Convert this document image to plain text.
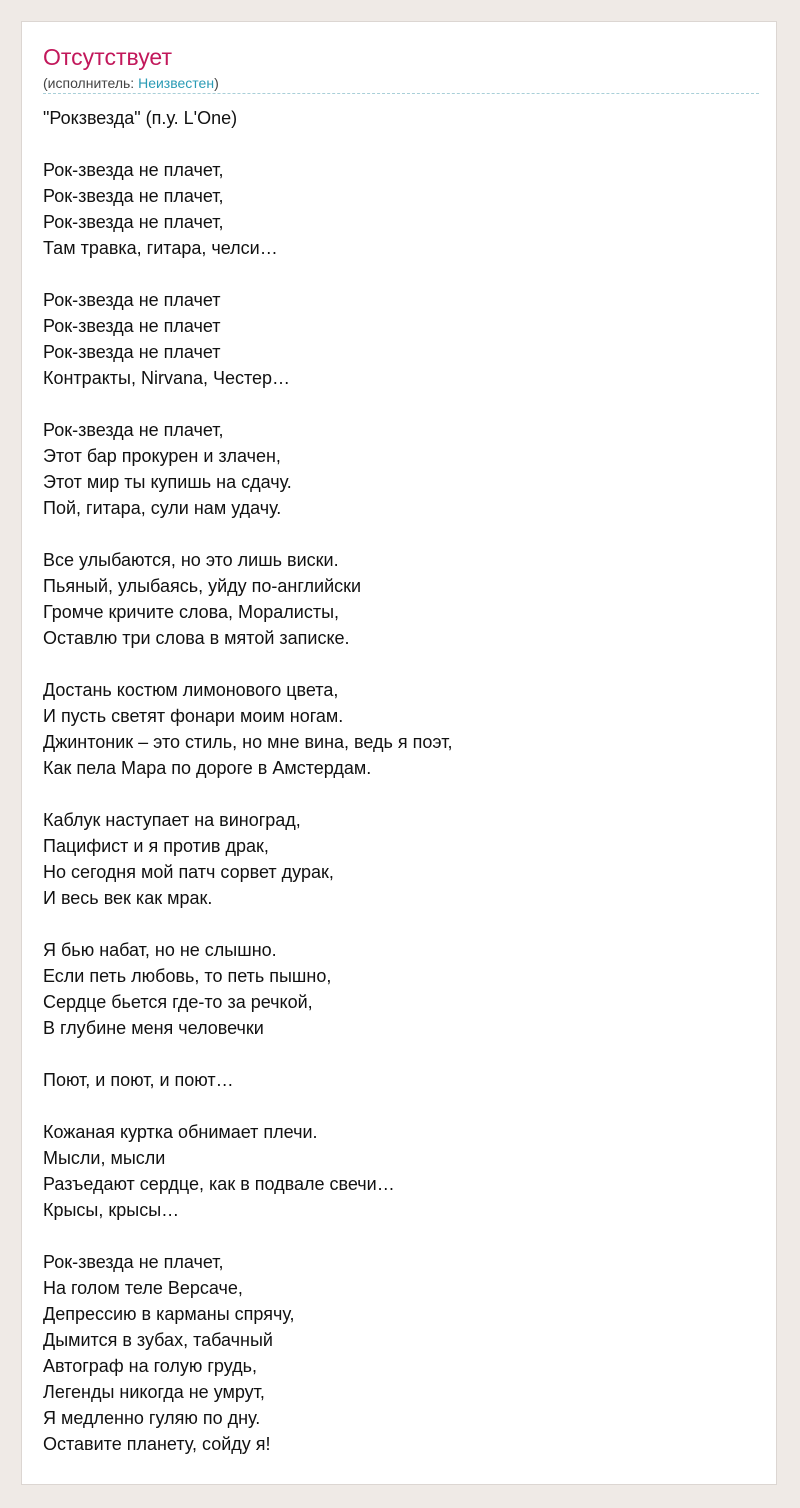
Отсутствует
(исполнитель: Неизвестен)
"Рокзвезда" (п.у. L'One)
Рок-звезда не плачет,
Рок-звезда не плачет,
Рок-звезда не плачет,
Там травка, гитара, челси…
Рок-звезда не плачет
Рок-звезда не плачет
Рок-звезда не плачет
Контракты, Nirvana, Честер…
Рок-звезда не плачет,
Этот бар прокурен и злачен,
Этот мир ты купишь на сдачу.
Пой, гитара, сули нам удачу.
Все улыбаются, но это лишь виски.
Пьяный, улыбаясь, уйду по-английски
Громче кричите слова, Моралисты,
Оставлю три слова в мятой записке.
Достань костюм лимонового цвета,
И пусть светят фонари моим ногам.
Джинтоник – это стиль, но мне вина, ведь я поэт,
Как пела Мара по дороге в Амстердам.
Каблук наступает на виноград,
Пацифист и я против драк,
Но сегодня мой патч сорвет дурак,
И весь век как мрак.
Я бью набат, но не слышно.
Если петь любовь, то петь пышно,
Сердце бьется где-то за речкой,
В глубине меня человечки
Поют, и поют, и поют…
Кожаная куртка обнимает плечи.
Мысли, мысли
Разъедают сердце, как в подвале свечи…
Крысы, крысы…
Рок-звезда не плачет,
На голом теле Версаче,
Депрессию в карманы спрячу,
Дымится в зубах, табачный
Автограф на голую грудь,
Легенды никогда не умрут,
Я медленно гуляю по дну.
Оставите планету, сойду я!
